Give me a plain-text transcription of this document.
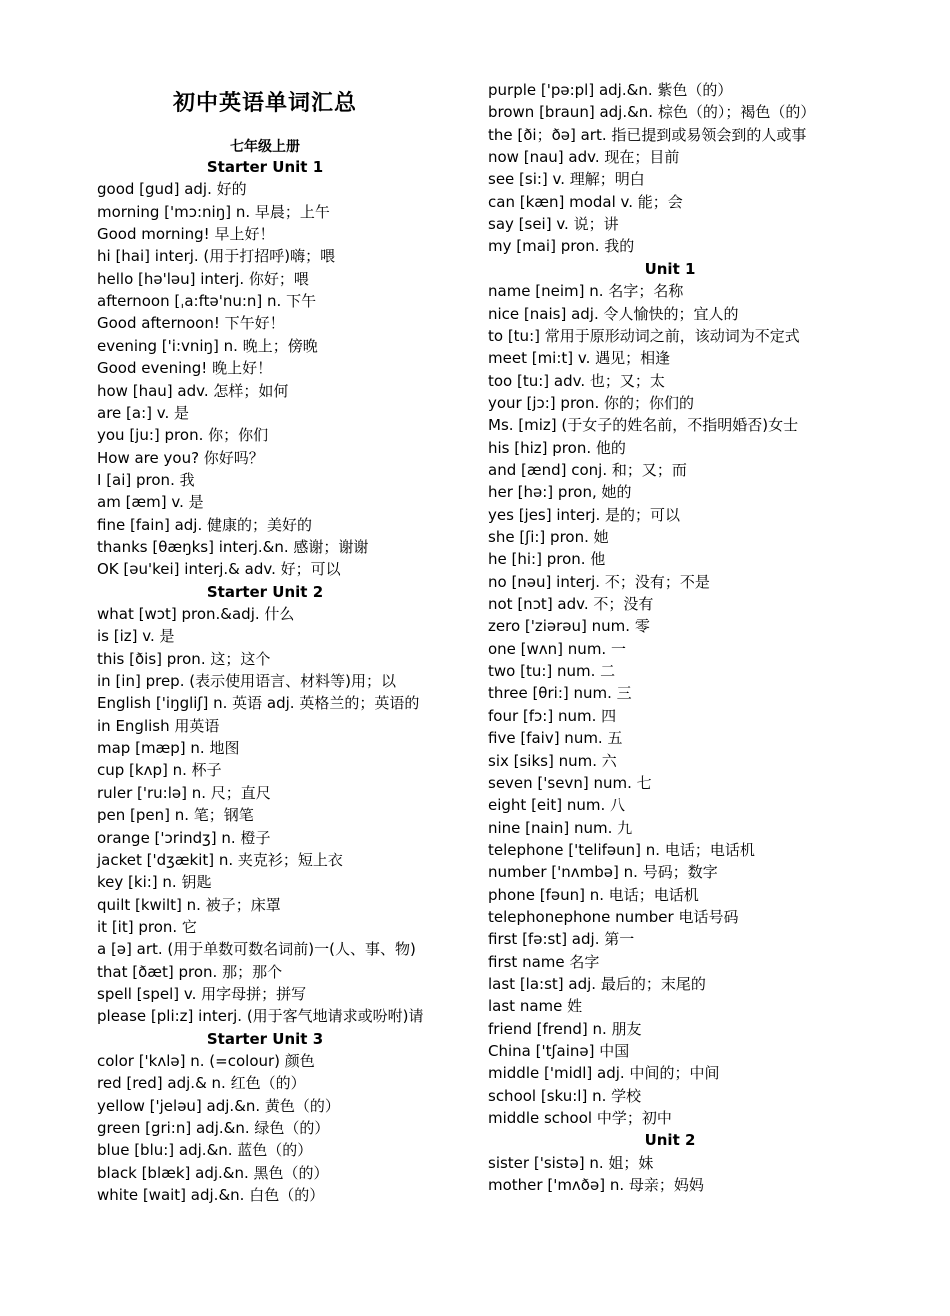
初中英语单词汇总
七年级上册
Starter Unit 1
good [gud] adj. 好的
morning ['mɔ:niŋ] n. 早晨；上午
Good morning! 早上好！
hi [hai] interj. (用于打招呼)嗨；喂
hello [hə'ləu] interj. 你好；喂
afternoon [ˌa:ftə'nu:n] n. 下午
Good afternoon! 下午好！
evening ['i:vniŋ] n. 晚上；傍晚
Good evening! 晚上好！
how [hau] adv. 怎样；如何
are [a:] v. 是
you [ju:] pron. 你；你们
How are you? 你好吗？
I [ai] pron. 我
am [æm] v. 是
fine [fain] adj. 健康的；美好的
thanks [θæŋks] interj.&n. 感谢；谢谢
OK [əu'kei] interj.& adv. 好；可以
Starter Unit 2
what [wɔt] pron.&adj. 什么
is [iz] v. 是
this [ðis] pron. 这；这个
in [in] prep. (表示使用语言、材料等)用；以
English ['iŋgliʃ] n. 英语 adj. 英格兰的；英语的
in English 用英语
map [mæp] n. 地图
cup [kʌp] n. 杯子
ruler ['ru:lə] n. 尺；直尺
pen [pen] n. 笔；钢笔
orange ['ɔrindʒ] n. 橙子
jacket ['dʒækit] n. 夹克衫；短上衣
key [ki:] n. 钥匙
quilt [kwilt] n. 被子；床罩
it [it] pron. 它
a [ə] art. (用于单数可数名词前)一(人、事、物)
that [ðæt] pron. 那；那个
spell [spel] v. 用字母拼；拼写
please [pli:z] interj. (用于客气地请求或吩咐)请
Starter Unit 3
color ['kʌlə] n. (=colour) 颜色
red [red] adj.& n. 红色（的）
yellow ['jeləu] adj.&n. 黄色（的）
green [gri:n] adj.&n. 绿色（的）
blue [blu:] adj.&n. 蓝色（的）
black [blæk] adj.&n. 黑色（的）
white [wait] adj.&n. 白色（的）
purple ['pə:pl] adj.&n. 紫色（的）
brown [braun] adj.&n. 棕色（的）；褐色（的）
the [ði；ðə] art. 指已提到或易领会到的人或事
now [nau] adv. 现在；目前
see [si:] v. 理解；明白
can [kæn] modal v. 能；会
say [sei] v. 说；讲
my [mai] pron. 我的
Unit 1
name [neim] n. 名字；名称
nice [nais] adj. 令人愉快的；宜人的
to [tu:] 常用于原形动词之前，该动词为不定式
meet [mi:t] v. 遇见；相逢
too [tu:] adv. 也；又；太
your [jɔ:] pron. 你的；你们的
Ms. [miz] (于女子的姓名前，不指明婚否)女士
his [hiz] pron. 他的
and [ænd] conj. 和；又；而
her [hə:] pron, 她的
yes [jes] interj. 是的；可以
she [ʃi:] pron. 她
he [hi:] pron. 他
no [nəu] interj. 不；没有；不是
not [nɔt] adv. 不；没有
zero ['ziərəu] num. 零
one [wʌn] num. 一
two [tu:] num. 二
three [θri:] num. 三
four [fɔ:] num. 四
five [faiv] num. 五
six [siks] num. 六
seven ['sevn] num. 七
eight [eit] num. 八
nine [nain] num. 九
telephone ['telifəun] n. 电话；电话机
number ['nʌmbə] n. 号码；数字
phone [fəun] n. 电话；电话机
telephonephone number 电话号码
first [fə:st] adj. 第一
first name 名字
last [la:st] adj. 最后的；末尾的
last name 姓
friend [frend] n. 朋友
China ['tʃainə] 中国
middle ['midl] adj. 中间的；中间
school [sku:l] n. 学校
middle school 中学；初中
Unit 2
sister ['sistə] n. 姐；妹
mother ['mʌðə] n. 母亲；妈妈
